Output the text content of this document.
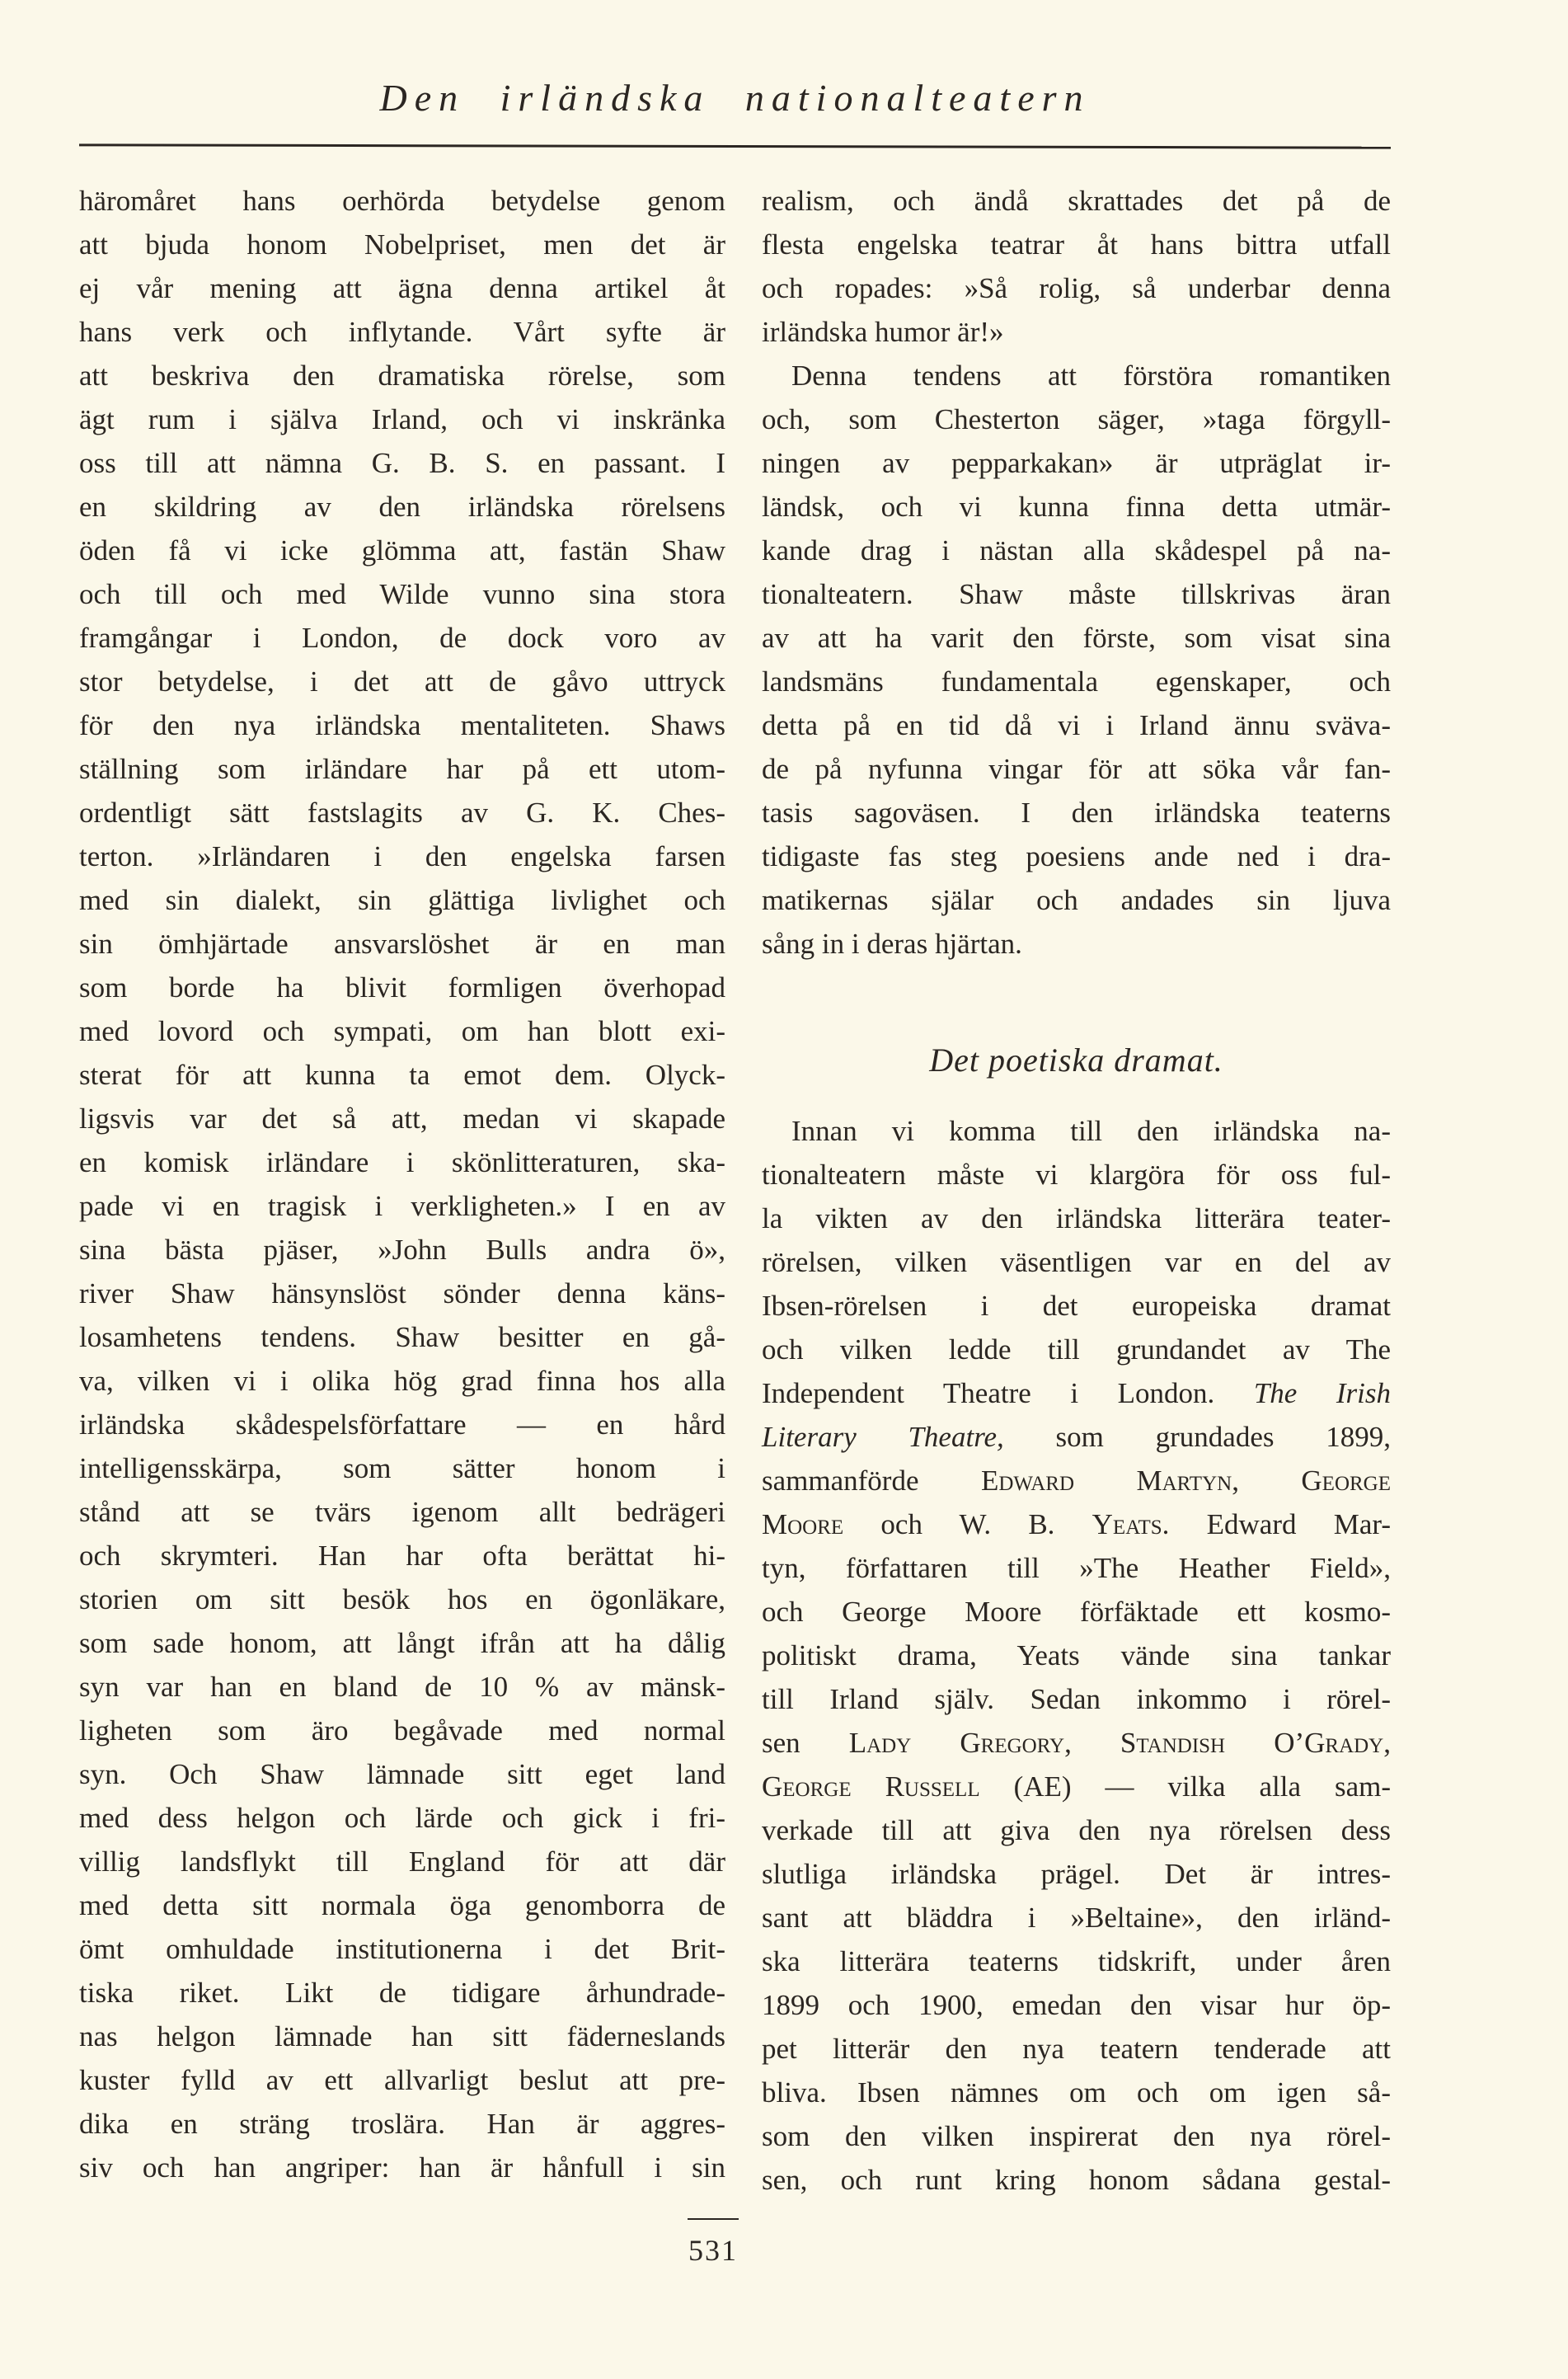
Den irländska nationalteatern
häromåret hans oerhörda betydelse genom
att bjuda honom Nobelpriset, men det är
ej vår mening att ägna denna artikel åt
hans verk och inflytande. Vårt syfte är
att beskriva den dramatiska rörelse, som
ägt rum i själva Irland, och vi inskränka
oss till att nämna G. B. S. en passant. I
en skildring av den irländska rörelsens
öden få vi icke glömma att, fastän Shaw
och till och med Wilde vunno sina stora
framgångar i London, de dock voro av
stor betydelse, i det att de gåvo uttryck
för den nya irländska mentaliteten. Shaws
ställning som irländare har på ett utom-
ordentligt sätt fastslagits av G. K. Ches-
terton. »Irländaren i den engelska farsen
med sin dialekt, sin glättiga livlighet och
sin ömhjärtade ansvarslöshet är en man
som borde ha blivit formligen överhopad
med lovord och sympati, om han blott exi-
sterat för att kunna ta emot dem. Olyck-
ligsvis var det så att, medan vi skapade
en komisk irländare i skönlitteraturen, ska-
pade vi en tragisk i verkligheten.» I en av
sina bästa pjäser, »John Bulls andra ö»,
river Shaw hänsynslöst sönder denna käns-
losamhetens tendens. Shaw besitter en gå-
va, vilken vi i olika hög grad finna hos alla
irländska skådespelsförfattare — en hård
intelligensskärpa, som sätter honom i
stånd att se tvärs igenom allt bedrägeri
och skrymteri. Han har ofta berättat hi-
storien om sitt besök hos en ögonläkare,
som sade honom, att långt ifrån att ha dålig
syn var han en bland de 10 % av mänsk-
ligheten som äro begåvade med normal
syn. Och Shaw lämnade sitt eget land
med dess helgon och lärde och gick i fri-
villig landsflykt till England för att där
med detta sitt normala öga genomborra de
ömt omhuldade institutionerna i det Brit-
tiska riket. Likt de tidigare århundrade-
nas helgon lämnade han sitt fäderneslands
kuster fylld av ett allvarligt beslut att pre-
dika en sträng troslära. Han är aggres-
siv och han angriper: han är hånfull i sin
realism, och ändå skrattades det på de
flesta engelska teatrar åt hans bittra utfall
och ropades: »Så rolig, så underbar denna
irländska humor är!»
Denna tendens att förstöra romantiken
och, som Chesterton säger, »taga förgyll-
ningen av pepparkakan» är utpräglat ir-
ländsk, och vi kunna finna detta utmär-
kande drag i nästan alla skådespel på na-
tionalteatern. Shaw måste tillskrivas äran
av att ha varit den förste, som visat sina
landsmäns fundamentala egenskaper, och
detta på en tid då vi i Irland ännu sväva-
de på nyfunna vingar för att söka vår fan-
tasis sagoväsen. I den irländska teaterns
tidigaste fas steg poesiens ande ned i dra-
matikernas själar och andades sin ljuva
sång in i deras hjärtan.
Det poetiska dramat.
Innan vi komma till den irländska na-
tionalteatern måste vi klargöra för oss ful-
la vikten av den irländska litterära teater-
rörelsen, vilken väsentligen var en del av
Ibsen-rörelsen i det europeiska dramat
och vilken ledde till grundandet av The
Independent Theatre i London. The Irish
Literary Theatre, som grundades 1899,
sammanförde Edward Martyn, George
Moore och W. B. Yeats. Edward Mar-
tyn, författaren till »The Heather Field»,
och George Moore förfäktade ett kosmo-
politiskt drama, Yeats vände sina tankar
till Irland själv. Sedan inkommo i rörel-
sen Lady Gregory, Standish O’Grady,
George Russell (AE) — vilka alla sam-
verkade till att giva den nya rörelsen dess
slutliga irländska prägel. Det är intres-
sant att bläddra i »Beltaine», den irländ-
ska litterära teaterns tidskrift, under åren
1899 och 1900, emedan den visar hur öp-
pet litterär den nya teatern tenderade att
bliva. Ibsen nämnes om och om igen så-
som den vilken inspirerat den nya rörel-
sen, och runt kring honom sådana gestal-
531
